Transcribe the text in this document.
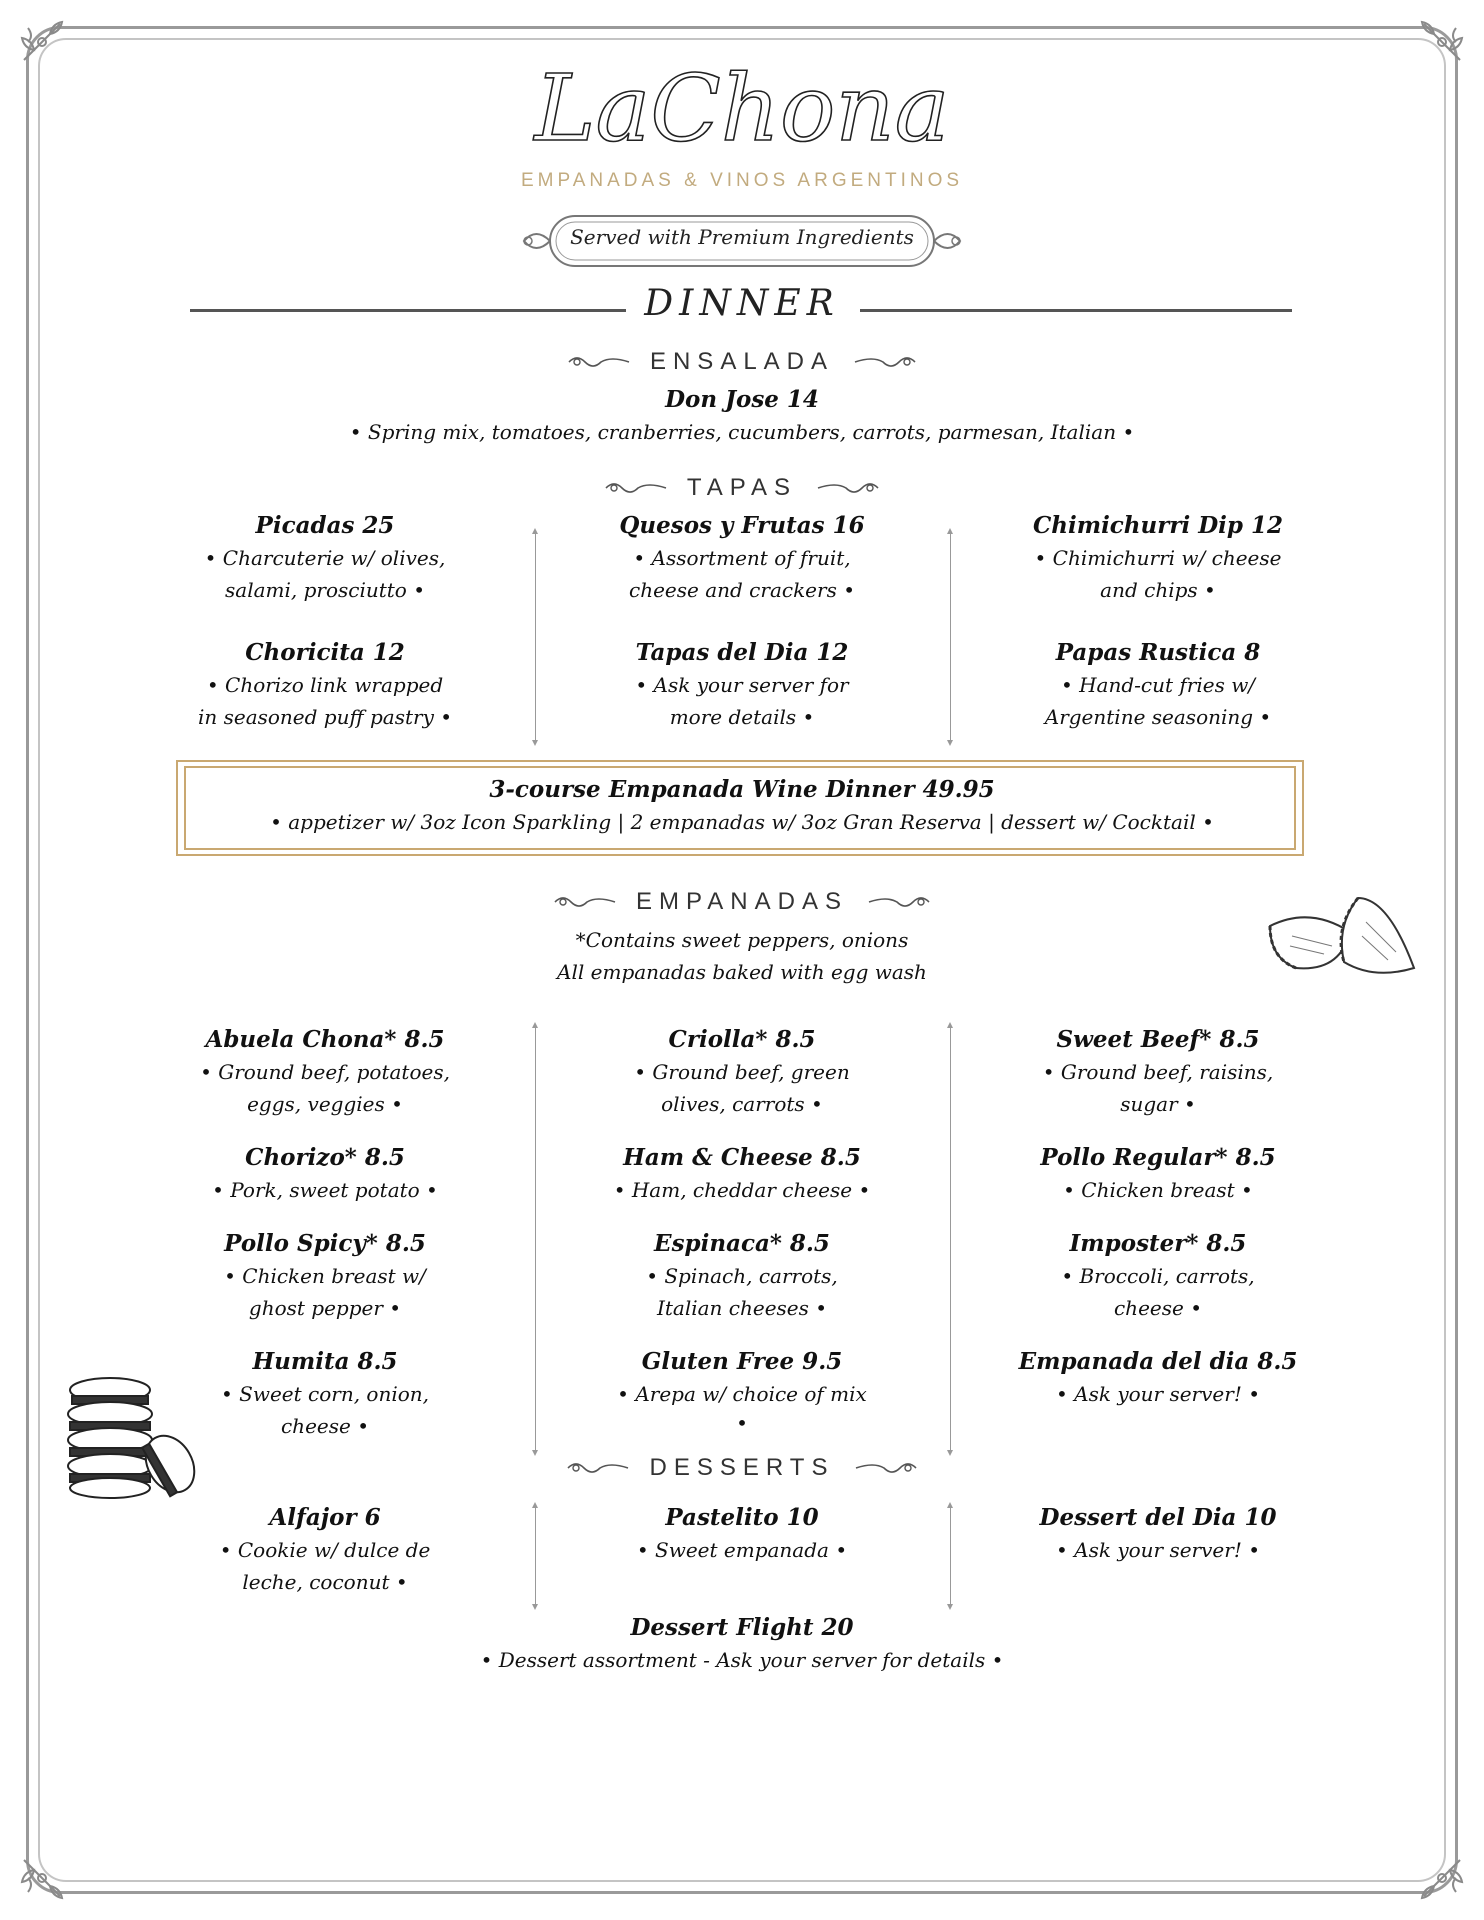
LaChona
EMPANADAS & VINOS ARGENTINOS
Served with Premium Ingredients
DINNER
ENSALADA
Don Jose 14
• Spring mix, tomatoes, cranberries, cucumbers, carrots, parmesan, Italian •
TAPAS
Picadas 25
• Charcuterie w/ olives,
salami, prosciutto •
Quesos y Frutas 16
• Assortment of fruit,
cheese and crackers •
Chimichurri Dip 12
• Chimichurri w/ cheese
and chips •
Choricita 12
• Chorizo link wrapped
in seasoned puff pastry •
Tapas del Dia 12
• Ask your server for
more details •
Papas Rustica 8
• Hand-cut fries w/
Argentine seasoning •
3-course Empanada Wine Dinner 49.95
• appetizer w/ 3oz Icon Sparkling | 2 empanadas w/ 3oz Gran Reserva | dessert w/ Cocktail •
EMPANADAS
*Contains sweet peppers, onions
All empanadas baked with egg wash
Abuela Chona* 8.5
• Ground beef, potatoes,
eggs, veggies •
Criolla* 8.5
• Ground beef, green
olives, carrots •
Sweet Beef* 8.5
• Ground beef, raisins,
sugar •
Chorizo* 8.5
• Pork, sweet potato •
Ham & Cheese 8.5
• Ham, cheddar cheese •
Pollo Regular* 8.5
• Chicken breast •
Pollo Spicy* 8.5
• Chicken breast w/
ghost pepper •
Espinaca* 8.5
• Spinach, carrots,
Italian cheeses •
Imposter* 8.5
• Broccoli, carrots,
cheese •
Humita 8.5
• Sweet corn, onion,
cheese •
Gluten Free 9.5
• Arepa w/ choice of mix
•
Empanada del dia 8.5
• Ask your server! •
DESSERTS
Alfajor 6
• Cookie w/ dulce de
leche, coconut •
Pastelito 10
• Sweet empanada •
Dessert del Dia 10
• Ask your server! •
Dessert Flight 20
• Dessert assortment - Ask your server for details •
